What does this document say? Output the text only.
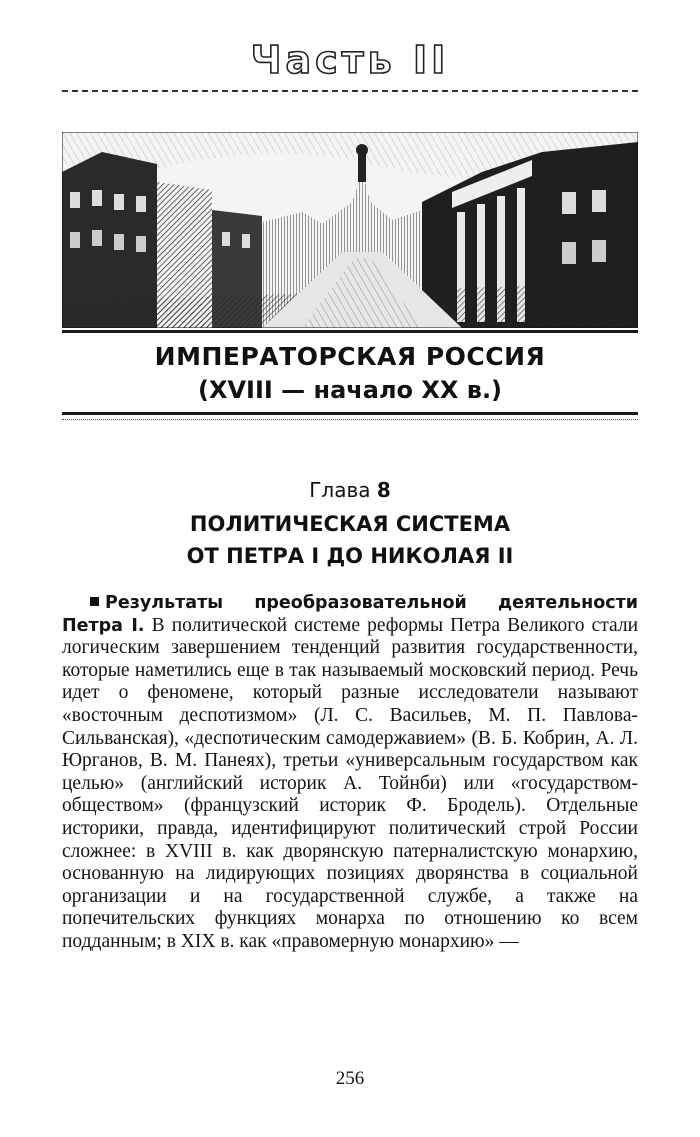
Часть II
ИМПЕРАТОРСКАЯ РОССИЯ
(XVIII — начало XX в.)
Глава 8
ПОЛИТИЧЕСКАЯ СИСТЕМА
ОТ ПЕТРА I ДО НИКОЛАЯ II
Результаты преобразовательной деятельности Петра I. В политической системе реформы Петра Великого стали логическим завершением тенденций развития государственности, которые наметились еще в так называемый московский период. Речь идет о феномене, который разные исследователи называют «восточным деспотизмом» (Л. С. Васильев, М. П. Павлова-Сильванская), «деспотическим самодержавием» (В. Б. Кобрин, А. Л. Юрганов, В. М. Панеях), третьи «универсальным государством как целью» (английский историк А. Тойнби) или «государством-обществом» (французский историк Ф. Бродель). Отдельные историки, правда, идентифицируют политический строй России сложнее: в XVIII в. как дворянскую патерналистскую монархию, основанную на лидирующих позициях дворянства в социальной организации и на государственной службе, а также на попечительских функциях монарха по отношению ко всем подданным; в XIX в. как «правомерную монархию» —
256
